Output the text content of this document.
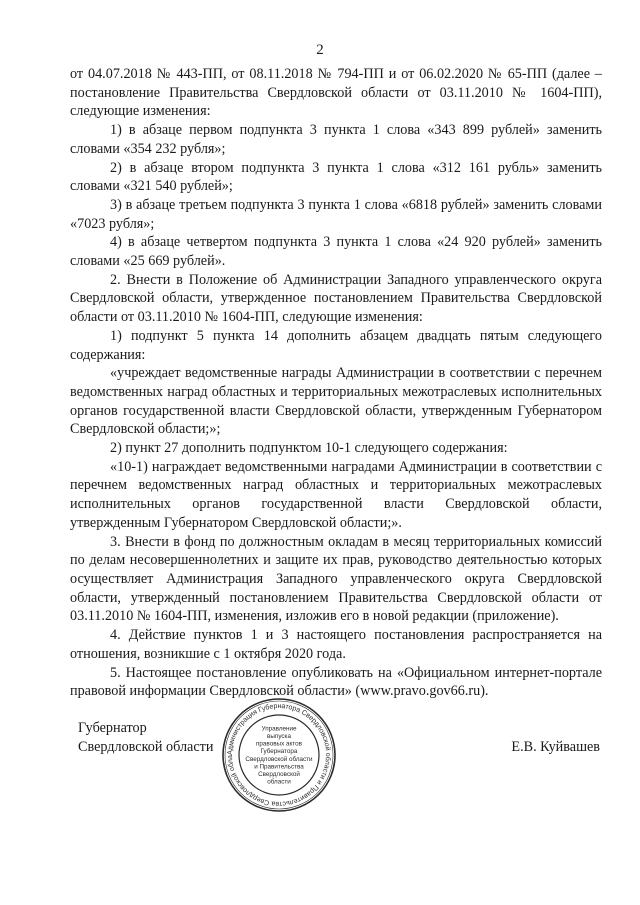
2

от 04.07.2018 № 443-ПП, от 08.11.2018 № 794-ПП и от 06.02.2020 № 65-ПП (далее – постановление Правительства Свердловской области от 03.11.2010 № 1604-ПП), следующие изменения:

1) в абзаце первом подпункта 3 пункта 1 слова «343 899 рублей» заменить словами «354 232 рубля»;

2) в абзаце втором подпункта 3 пункта 1 слова «312 161 рубль» заменить словами «321 540 рублей»;

3) в абзаце третьем подпункта 3 пункта 1 слова «6818 рублей» заменить словами «7023 рубля»;

4) в абзаце четвертом подпункта 3 пункта 1 слова «24 920 рублей» заменить словами «25 669 рублей».

2. Внести в Положение об Администрации Западного управленческого округа Свердловской области, утвержденное постановлением Правительства Свердловской области от 03.11.2010 № 1604-ПП, следующие изменения:

1) подпункт 5 пункта 14 дополнить абзацем двадцать пятым следующего содержания:

«учреждает ведомственные награды Администрации в соответствии с перечнем ведомственных наград областных и территориальных межотраслевых исполнительных органов государственной власти Свердловской области, утвержденным Губернатором Свердловской области;»;

2) пункт 27 дополнить подпунктом 10-1 следующего содержания:

«10-1) награждает ведомственными наградами Администрации в соответствии с перечнем ведомственных наград областных и территориальных межотраслевых исполнительных органов государственной власти Свердловской области, утвержденным Губернатором Свердловской области;».

3. Внести в фонд по должностным окладам в месяц территориальных комиссий по делам несовершеннолетних и защите их прав, руководство деятельностью которых осуществляет Администрация Западного управленческого округа Свердловской области, утвержденный постановлением Правительства Свердловской области от 03.11.2010 № 1604-ПП, изменения, изложив его в новой редакции (приложение).

4. Действие пунктов 1 и 3 настоящего постановления распространяется на отношения, возникшие с 1 октября 2020 года.

5. Настоящее постановление опубликовать на «Официальном интернет-портале правовой информации Свердловской области» (www.pravo.gov66.ru).

Губернатор
Свердловской области	Администрация Губернатора Свердловской области и Правительства Свердловской обла
Управление
выпуска
правовых актов
Губернатора
Свердловской области
и Правительства
Свердловской
области
Е.В. Куйвашев
